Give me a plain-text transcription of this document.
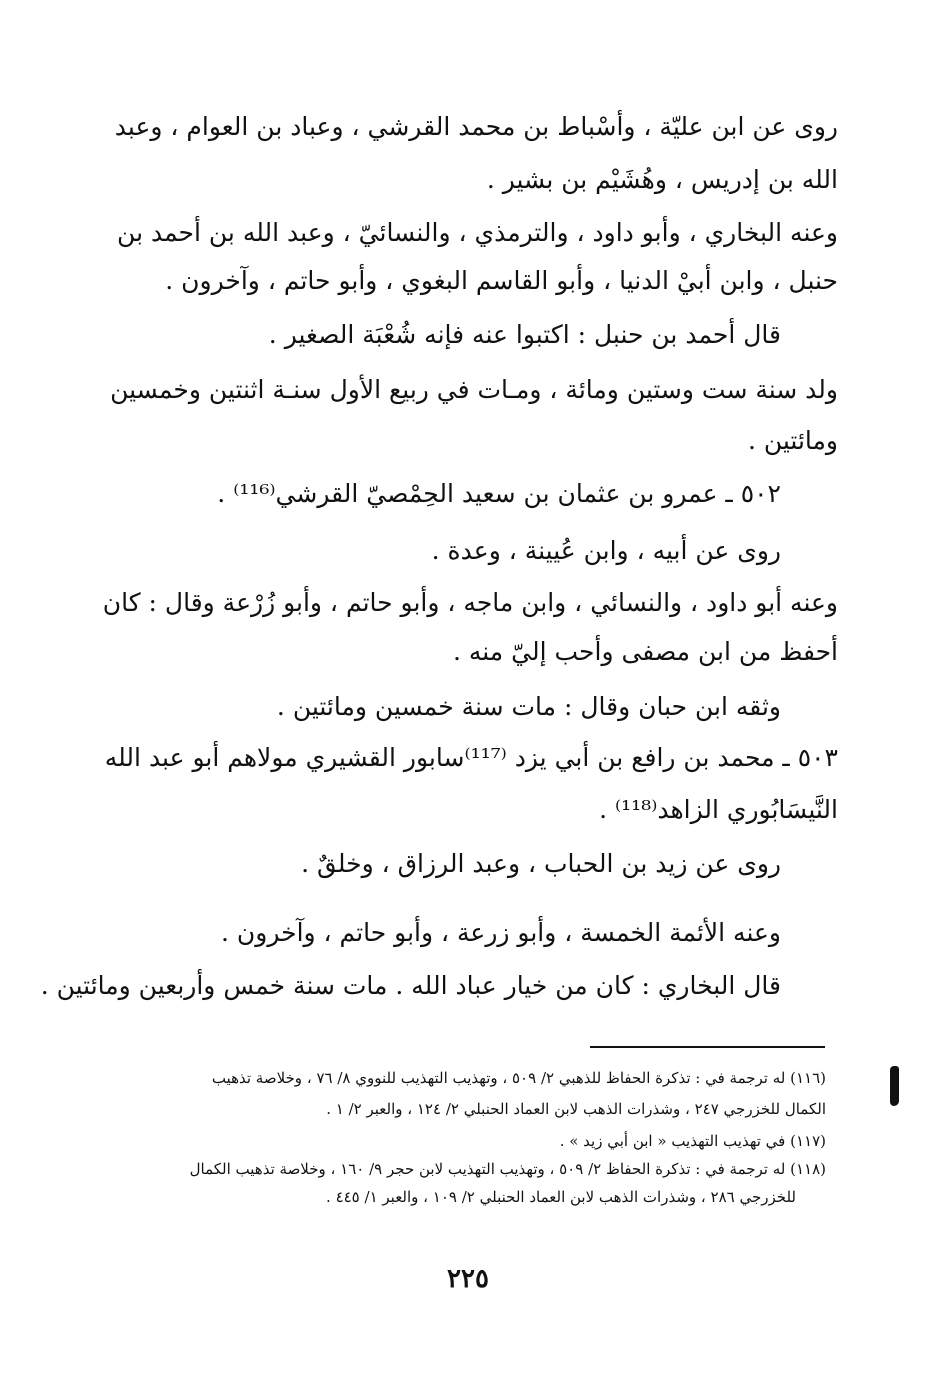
روى عن ابن عليّة ، وأسْباط بن محمد القرشي ، وعباد بن العوام ، وعبد
الله بن إدريس ، وهُشَيْم بن بشير .
وعنه البخاري ، وأبو داود ، والترمذي ، والنسائيّ ، وعبد الله بن أحمد بن
حنبل ، وابن أبيْ الدنيا ، وأبو القاسم البغوي ، وأبو حاتم ، وآخرون .
قال أحمد بن حنبل : اكتبوا عنه فإنه شُعْبَة الصغير .
ولد سنة ست وستين ومائة ، ومـات في ربيع الأول سنـة اثنتين وخمسين
ومائتين .
٥٠٢ ـ عمرو بن عثمان بن سعيد الحِمْصيّ القرشي⁽¹¹⁶⁾ .
روى عن أبيه ، وابن عُيينة ، وعدة .
وعنه أبو داود ، والنسائي ، وابن ماجه ، وأبو حاتم ، وأبو زُرْعة وقال : كان
أحفظ من ابن مصفى وأحب إليّ منه .
وثقه ابن حبان وقال : مات سنة خمسين ومائتين .
٥٠٣ ـ محمد بن رافع بن أبي يزد ⁽¹¹⁷⁾سابور القشيري مولاهم أبو عبد الله
النَّيسَابُوري الزاهد⁽¹¹⁸⁾ .
روى عن زيد بن الحباب ، وعبد الرزاق ، وخلقٌ .
وعنه الأئمة الخمسة ، وأبو زرعة ، وأبو حاتم ، وآخرون .
قال البخاري : كان من خيار عباد الله . مات سنة خمس وأربعين ومائتين .
(١١٦) له ترجمة في : تذكرة الحفاظ للذهبي ٢/ ٥٠٩ ، وتهذيب التهذيب للنووي ٨/ ٧٦ ، وخلاصة تذهيب
الكمال للخزرجي ٢٤٧ ، وشذرات الذهب لابن العماد الحنبلي ٢/ ١٢٤ ، والعبر ٢/ ١ .
(١١٧) في تهذيب التهذيب « ابن أبي زيد » .
(١١٨) له ترجمة في : تذكرة الحفاظ ٢/ ٥٠٩ ، وتهذيب التهذيب لابن حجر ٩/ ١٦٠ ، وخلاصة تذهيب الكمال
للخزرجي ٢٨٦ ، وشذرات الذهب لابن العماد الحنبلي ٢/ ١٠٩ ، والعبر ١/ ٤٤٥ .
٢٢٥
